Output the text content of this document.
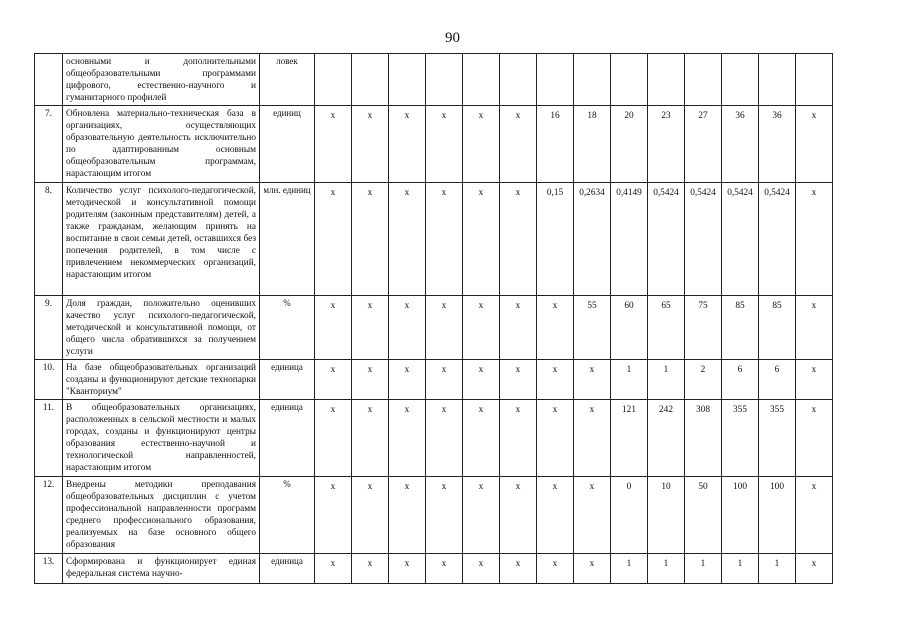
90
	основными и дополнительными общеобразовательными программами цифрового, естественно-научного и гуманитарного профилей	ловек														
7.	Обновлена материально-техническая база в организациях, осуществляющих образовательную деятельность исключительно по адаптированным основным общеобразовательным программам, нарастающим итогом	единиц	x	x	x	x	x	x	16	18	20	23	27	36	36	x
8.	Количество услуг психолого-педагогической, методической и консультативной помощи родителям (законным представителям) детей, а также гражданам, желающим принять на воспитание в свои семьи детей, оставшихся без попечения родителей, в том числе с привлечением некоммерческих организаций, нарастающим итогом	млн. единиц	x	x	x	x	x	x	0,15	0,2634	0,4149	0,5424	0,5424	0,5424	0,5424	x
9.	Доля граждан, положительно оценивших качество услуг психолого-педагогической, методической и консультативной помощи, от общего числа обратившихся за получением услуги	%	x	x	x	x	x	x	x	55	60	65	75	85	85	x
10.	На базе общеобразовательных организаций созданы и функционируют детские технопарки "Кванториум"	единица	x	x	x	x	x	x	x	x	1	1	2	6	6	x
11.	В общеобразовательных организациях, расположенных в сельской местности и малых городах, созданы и функционируют центры образования естественно-научной и технологической направленностей, нарастающим итогом	единица	x	x	x	x	x	x	x	x	121	242	308	355	355	x
12.	Внедрены методики преподавания общеобразовательных дисциплин с учетом профессиональной направленности программ среднего профессионального образования, реализуемых на базе основного общего образования	%	x	x	x	x	x	x	x	x	0	10	50	100	100	x
13.	Сформирована и функционирует единая федеральная система научно-	единица	x	x	x	x	x	x	x	x	1	1	1	1	1	x
